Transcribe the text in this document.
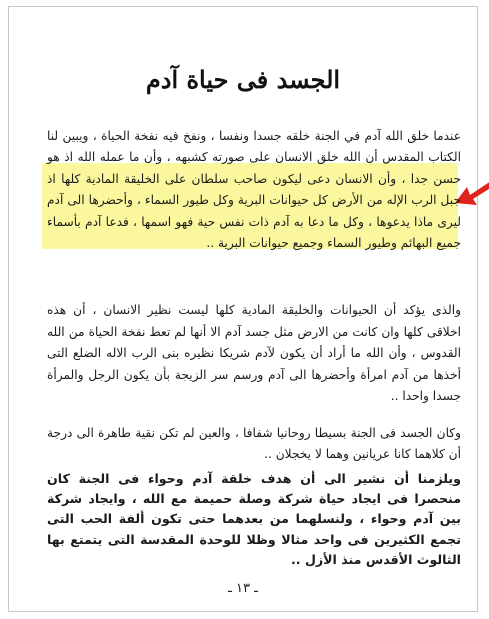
الجسد فى حياة آدم

عندما خلق الله آدم في الجنة خلقه جسدا ونفسا ، ونفخ فيه نفخة الحياة ، ويبين لنا الكتاب المقدس أن الله خلق الانسان على صورته كشبهه ، وأن ما عمله الله اذ هو حسن جدا ، وأن الانسان دعى ليكون صاحب سلطان على الخليقة المادية كلها اذ جبل الرب الإله من الأرض كل حيوانات البرية وكل طيور السماء ، وأحضرها الى آدم ليرى ماذا يدعوها ، وكل ما دعا به آدم ذات نفس حية فهو اسمها ، فدعا آدم بأسماء جميع البهائم وطيور السماء وجميع حيوانات البرية ..

والذى يؤكد أن الحيوانات والخليقة المادية كلها ليست نظير الانسان ، أن هذه اخلاقى كلها وان كانت من الارض مثل جسد آدم الا أنها لم تعط نفخة الحياة من الله القدوس ، وأن الله ما أراد أن يكون لآدم شريكا نظيره بنى الرب الاله الضلع التى أخذها من آدم امرأة وأحضرها الى آدم ورسم سر الزيجة بأن يكون الرجل والمرأة جسدا واحدا ..

وكان الجسد فى الجنة بسيطا روحانيا شفافا ، والعين لم تكن نقية طاهرة الى درجة أن كلاهما كانا عريانين وهما لا يخجلان ..

ويلزمنا أن نشير الى أن هدف خلقة آدم وحواء فى الجنة كان منحصرا فى ايجاد حياة شركة وصلة حميمة مع الله ، وايجاد شركة بين آدم وحواء ، ولنسلهما من بعدهما حتى تكون ألفة الحب التى تجمع الكثيرين فى واحد مثالا وظلا للوحدة المقدسة التى يتمتع بها الثالوث الأقدس منذ الأزل ..

ـ ١٣ ـ
